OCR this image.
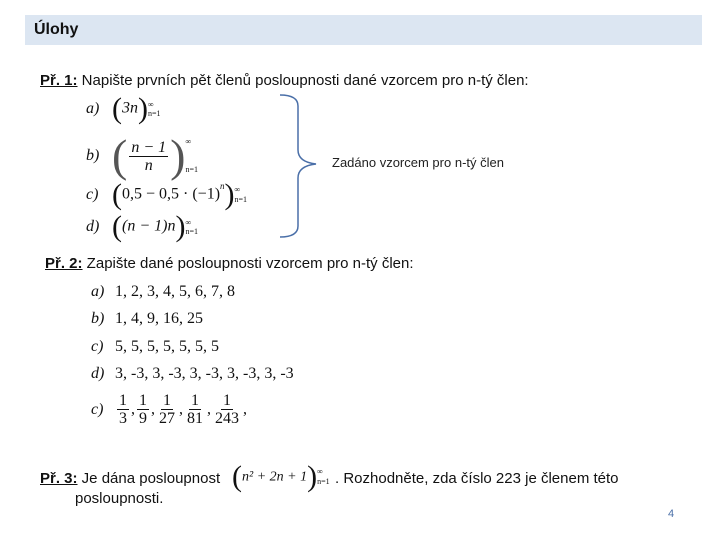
Úlohy
Př. 1: Napište prvních pět členů posloupnosti dané vzorcem pro n-tý člen:
a) (3n) ∞
n=1
b) ( $\frac{n - 1}{n}$ ) ∞
n=1
c) $(0,5 - 0,5 \cdot (-1)^n)$ ∞
n=1
d) ((n − 1)n) ∞
n=1
Zadáno vzorcem pro n-tý člen
Př. 2: Zapište dané posloupnosti vzorcem pro n-tý člen:
a) 1, 2, 3, 4, 5, 6, 7, 8
b) 1, 4, 9, 16, 25
c) 5, 5, 5, 5, 5, 5, 5
d) 3, -3, 3, -3, 3, -3, 3, -3, 3, -3
$c) \frac{1}{3}$ , $\frac{1}{9}$ , $\frac{1}{27}$ , $\frac{1}{81}$ , $\frac{1}{243}$ ,
Př. 3: Je dána posloupnost (n² + 2n + 1) ∞
n=1 . Rozhodněte, zda číslo 223 je členem této
posloupnosti.
4
